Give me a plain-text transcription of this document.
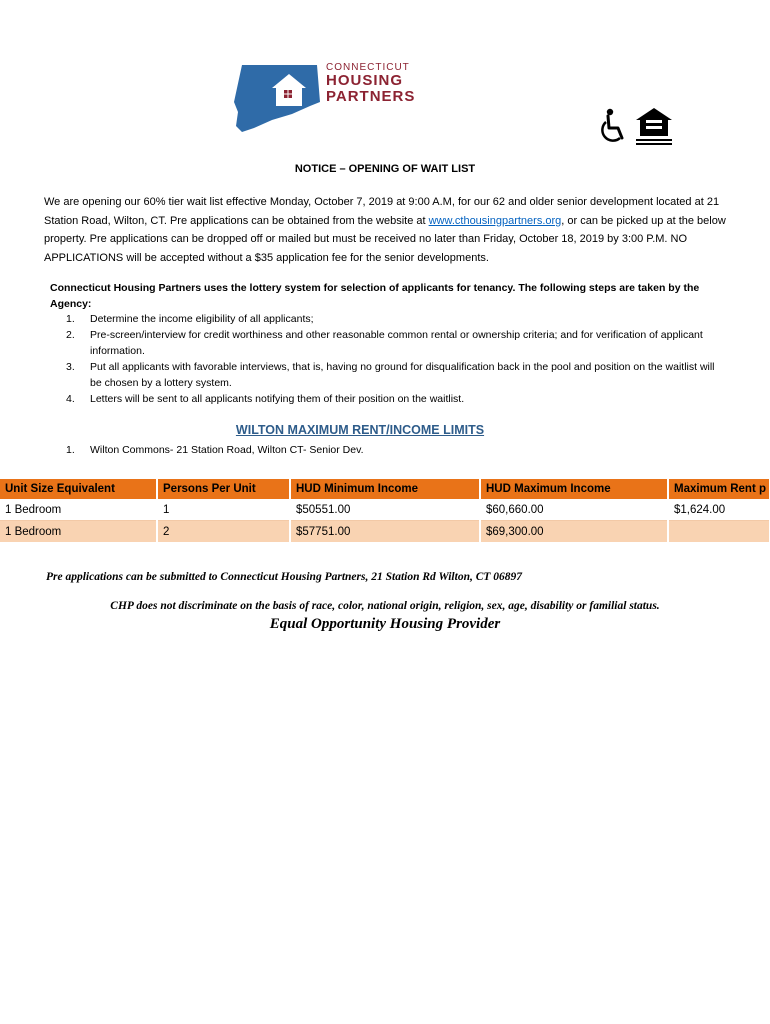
CONNECTICUT
HOUSING
PARTNERS
NOTICE – OPENING OF WAIT LIST
We are opening our 60% tier wait list effective Monday, October 7, 2019 at 9:00 A.M, for our 62 and older senior development located at 21 Station Road, Wilton, CT. Pre applications can be obtained from the website at www.cthousingpartners.org, or can be picked up at the below property. Pre applications can be dropped off or mailed but must be received no later than Friday, October 18, 2019 by 3:00 P.M. NO APPLICATIONS will be accepted without a $35 application fee for the senior developments.
Connecticut Housing Partners uses the lottery system for selection of applicants for tenancy. The following steps are taken by the Agency:
1. Determine the income eligibility of all applicants;
2. Pre-screen/interview for credit worthiness and other reasonable common rental or ownership criteria; and for verification of applicant information.
3. Put all applicants with favorable interviews, that is, having no ground for disqualification back in the pool and position on the waitlist will be chosen by a lottery system.
4. Letters will be sent to all applicants notifying them of their position on the waitlist.
WILTON MAXIMUM RENT/INCOME LIMITS
1. Wilton Commons- 21 Station Road, Wilton CT- Senior Dev.
Unit Size Equivalent	Persons Per Unit	HUD Minimum Income	HUD Maximum Income	Maximum Rent p
1 Bedroom	1	$50551.00	$60,660.00	$1,624.00
1 Bedroom	2	$57751.00	$69,300.00	
Pre applications can be submitted to Connecticut Housing Partners, 21 Station Rd Wilton, CT 06897
CHP does not discriminate on the basis of race, color, national origin, religion, sex, age, disability or familial status.
Equal Opportunity Housing Provider
